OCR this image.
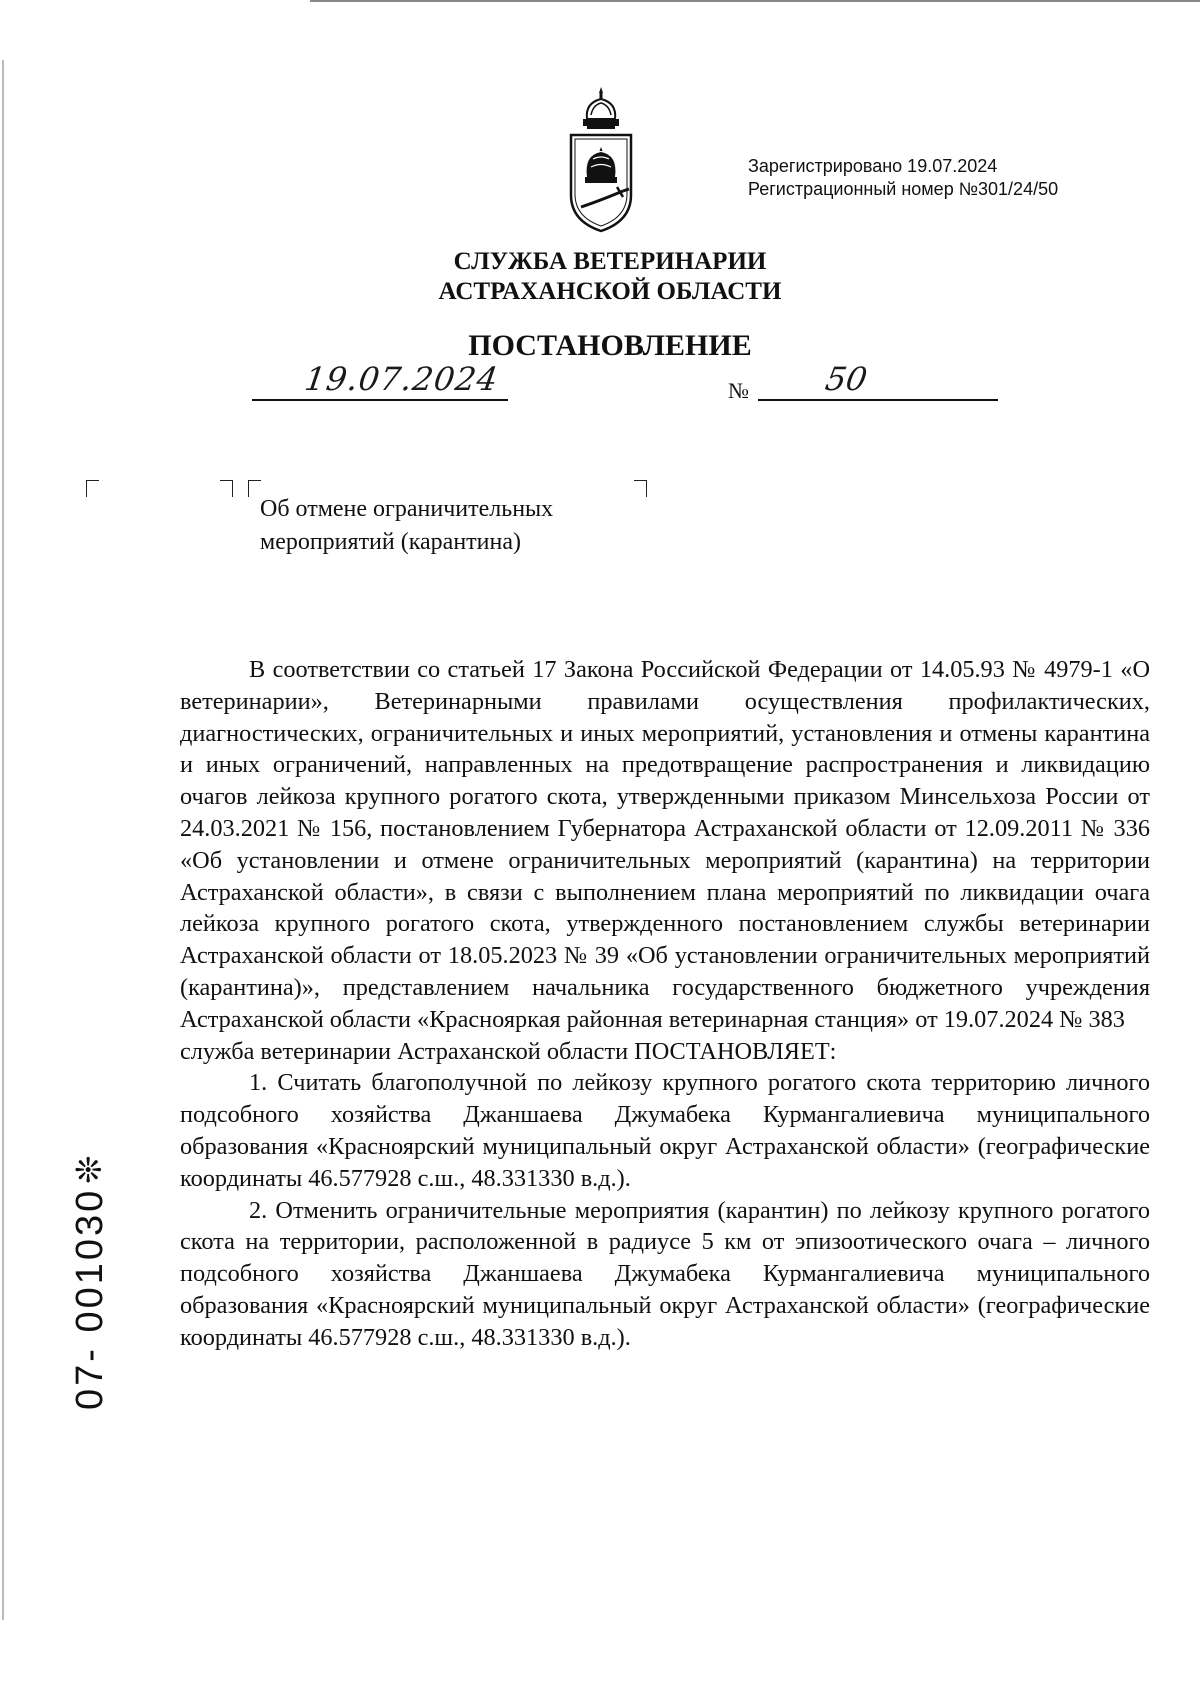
Зарегистрировано 19.07.2024
Регистрационный номер №301/24/50
СЛУЖБА ВЕТЕРИНАРИИ
АСТРАХАНСКОЙ ОБЛАСТИ
ПОСТАНОВЛЕНИЕ
19.07.2024	№ 50
Об отмене ограничительных
мероприятий (карантина)

В соответствии со статьей 17 Закона Российской Федерации от 14.05.93 № 4979-1 «О ветеринарии», Ветеринарными правилами осуществления профилактических, диагностических, ограничительных и иных мероприятий, установления и отмены карантина и иных ограничений, направленных на предотвращение распространения и ликвидацию очагов лейкоза крупного рогатого скота, утвержденными приказом Минсельхоза России от 24.03.2021 № 156, постановлением Губернатора Астраханской области от 12.09.2011 № 336 «Об установлении и отмене ограничительных мероприятий (карантина) на территории Астраханской области», в связи с выполнением плана мероприятий по ликвидации очага лейкоза крупного рогатого скота, утвержденного постановлением службы ветеринарии Астраханской области от 18.05.2023 № 39 «Об установлении ограничительных мероприятий (карантина)», представлением начальника государственного бюджетного учреждения Астраханской области «Краснояркая районная ветеринарная станция» от 19.07.2024 № 383

служба ветеринарии Астраханской области ПОСТАНОВЛЯЕТ:

1. Считать благополучной по лейкозу крупного рогатого скота территорию личного подсобного хозяйства Джаншаева Джумабека Курмангалиевича муниципального образования «Красноярский муниципальный округ Астраханской области» (географические координаты 46.577928 с.ш., 48.331330 в.д.).

2. Отменить ограничительные мероприятия (карантин) по лейкозу крупного рогатого скота на территории, расположенной в радиусе 5 км от эпизоотического очага – личного подсобного хозяйства Джаншаева Джумабека Курмангалиевича муниципального образования «Красноярский муниципальный округ Астраханской области» (географические координаты 46.577928 с.ш., 48.331330 в.д.).

❊
07- 001030
